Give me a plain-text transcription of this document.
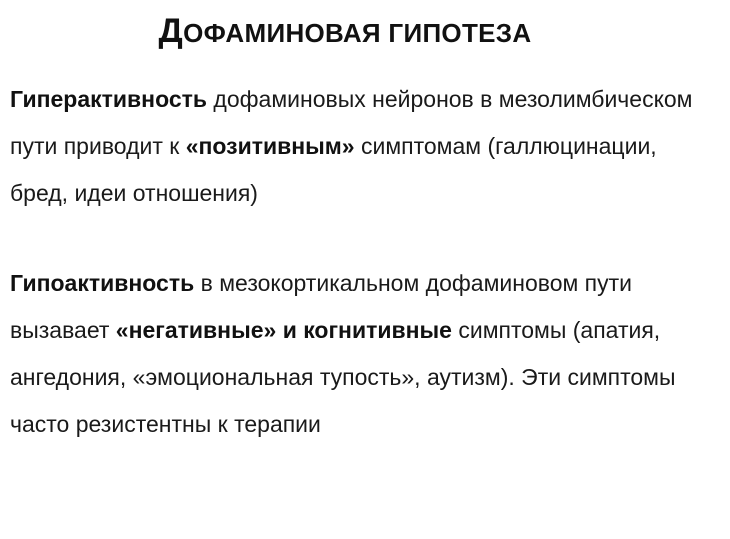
ДОФАМИНОВАЯ ГИПОТЕЗА
Гиперактивность дофаминовых нейронов в мезолимбическом пути приводит к «позитивным» симптомам (галлюцинации, бред, идеи отношения)
Гипоактивность в мезокортикальном дофаминовом пути вызавает «негативные» и когнитивные симптомы (апатия, ангедония, «эмоциональная тупость», аутизм). Эти симптомы часто резистентны к терапии
